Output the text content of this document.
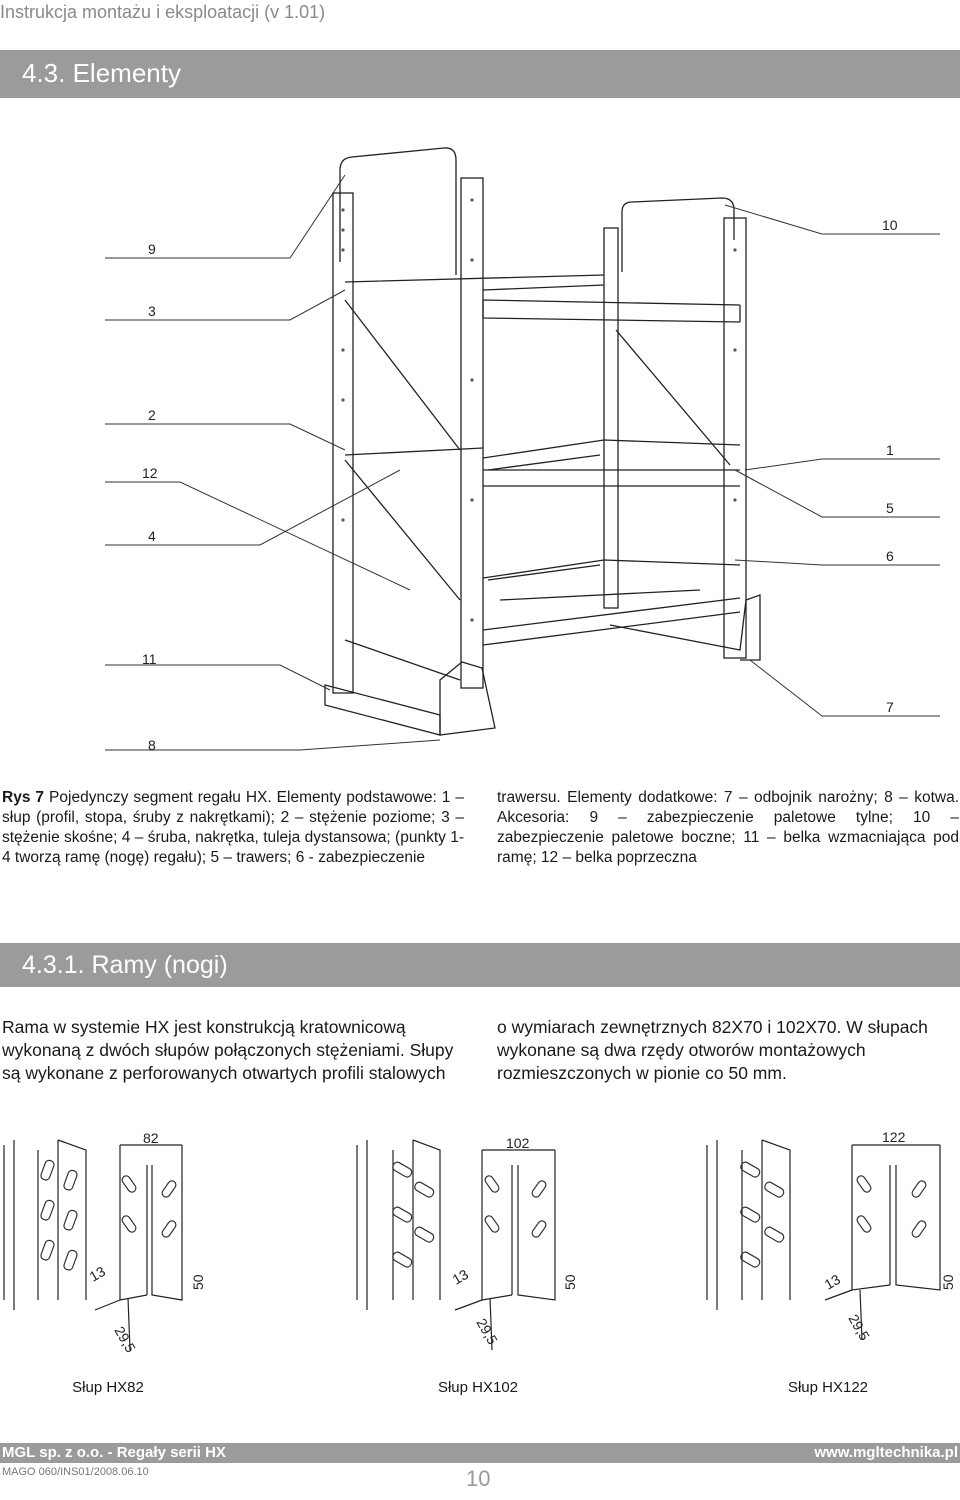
Instrukcja montażu i eksploatacji (v 1.01)
4.3. Elementy
9
3
2
12
4
11
8
10
1
5
6
7
82
13	50
29,5
102
13	50
29,5
122
13	50
29,5
Rys 7 Pojedynczy segment regału HX. Elementy podstawowe: 1 – słup (profil, stopa, śruby z nakrętkami); 2 – stężenie poziome; 3 – stężenie skośne; 4 – śruba, nakrętka, tuleja dystansowa; (punkty 1-4 tworzą ramę (nogę) regału); 5 – trawers; 6 - zabezpieczenie
trawersu. Elementy dodatkowe: 7 – odbojnik narożny; 8 – kotwa. Akcesoria: 9 – zabezpieczenie paletowe tylne; 10 – zabezpieczenie paletowe boczne; 11 – belka wzmacniająca pod ramę; 12 – belka poprzeczna
4.3.1. Ramy (nogi)
Rama w systemie HX jest konstrukcją kratownicową wykonaną z dwóch słupów połączonych stężeniami. Słupy są wykonane z perforowanych otwartych profili stalowych
o wymiarach zewnętrznych 82X70 i 102X70. W słupach wykonane są dwa rzędy otworów montażowych rozmieszczonych w pionie co 50 mm.
Słup HX82	Słup HX102	Słup HX122
MGL sp. z o.o. - Regały serii HX	www.mgltechnika.pl
MAGO 060/INS01/2008.06.10	10
